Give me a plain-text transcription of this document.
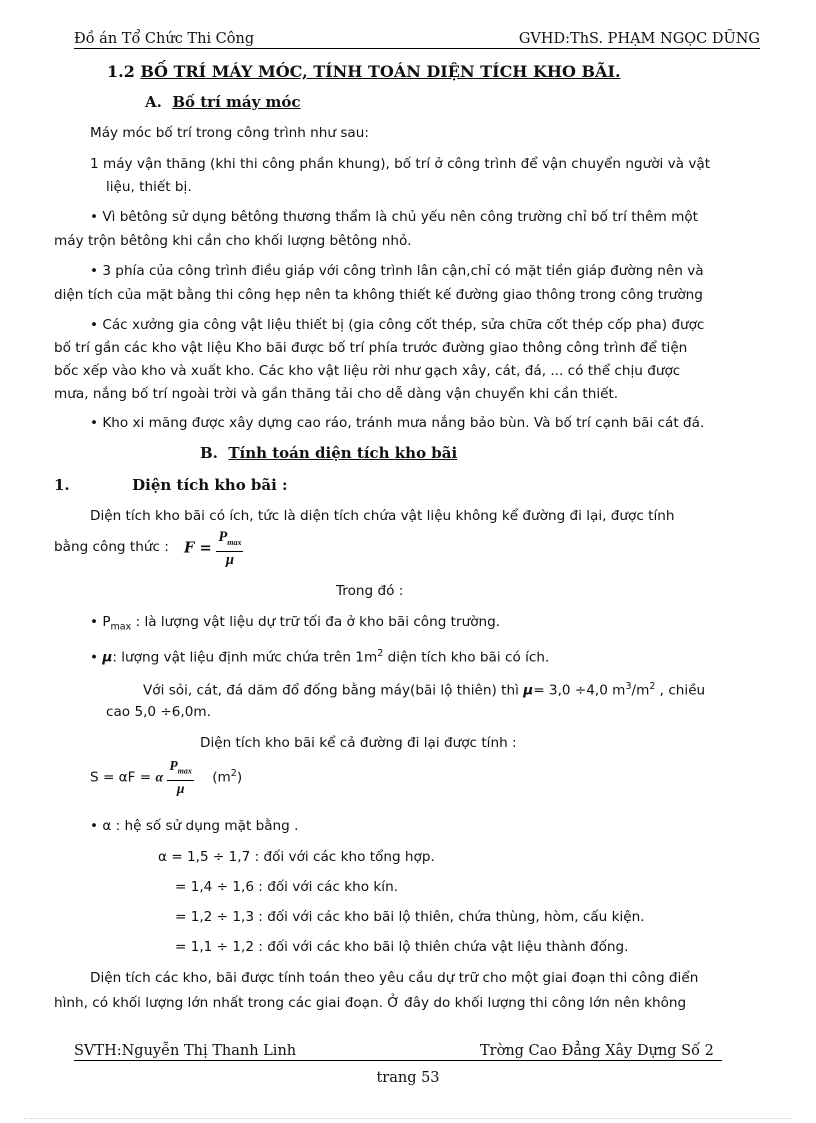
Đồ án Tổ Chức Thi Công	GVHD:ThS. PHẠM NGỌC DŨNG
1.2 BỐ TRÍ MÁY MÓC, TÍNH TOÁN DIỆN TÍCH KHO BÃI.
A. Bố trí máy móc
Máy móc bố trí trong công trình như sau:
1 máy vận thăng (khi thi công phần khung), bố trí ở công trình để vận chuyển người và vật
liệu, thiết bị.
• Vì bêtông sử dụng bêtông thương thẩm là chủ yếu nên công trường chỉ bố trí thêm một
máy trộn bêtông khi cần cho khối lượng bêtông nhỏ.
• 3 phía của công trình điều giáp với công trình lân cận,chỉ có mặt tiền giáp đường nên và
diện tích của mặt bằng thi công hẹp nên ta không thiết kế đường giao thông trong công trường
• Các xưởng gia công vật liệu thiết bị (gia công cốt thép, sửa chữa cốt thép cốp pha) được
bố trí gần các kho vật liệu Kho bãi được bố trí phía trước đường giao thông công trình để tiện
bốc xếp vào kho và xuất kho. Các kho vật liệu rời như gạch xây, cát, đá, ... có thể chịu được
mưa, nắng bố trí ngoài trời và gần thăng tải cho dễ dàng vận chuyển khi cần thiết.
• Kho xi măng được xây dựng cao ráo, tránh mưa nắng bảo bùn. Và bố trí cạnh bãi cát đá.
B. Tính toán diện tích kho bãi
1.	Diện tích kho bãi :
Diện tích kho bãi có ích, tức là diện tích chứa vật liệu không kể đường đi lại, được tính
bằng công thức : $F = \frac{P_{max}}{\mu}$
Trong đó :
• $P_{max}$ : là lượng vật liệu dự trữ tối đa ở kho bãi công trường.
• μ: lượng vật liệu định mức chứa trên $1m^2$ diện tích kho bãi có ích.
Với sỏi, cát, đá dăm đổ đống bằng máy(bãi lộ thiên) thì μ= 3,0 ÷4,0 $m^3/m^2$ , chiều
cao 5,0 ÷6,0m.
Diện tích kho bãi kể cả đường đi lại được tính :
S = αF = α $\frac{P_{max}}{\mu} (m^2)$
• α : hệ số sử dụng mặt bằng .
α = 1,5 ÷ 1,7 : đối với các kho tổng hợp.
= 1,4 ÷ 1,6 : đối với các kho kín.
= 1,2 ÷ 1,3 : đối với các kho bãi lộ thiên, chứa thùng, hòm, cấu kiện.
= 1,1 ÷ 1,2 : đối với các kho bãi lộ thiên chứa vật liệu thành đống.
Diện tích các kho, bãi được tính toán theo yêu cầu dự trữ cho một giai đoạn thi công điển
hình, có khối lượng lớn nhất trong các giai đoạn. Ở đây do khối lượng thi công lớn nên không
SVTH:Nguyễn Thị Thanh Linh	Trờng Cao Đẳng Xây Dựng Số 2
trang 53
